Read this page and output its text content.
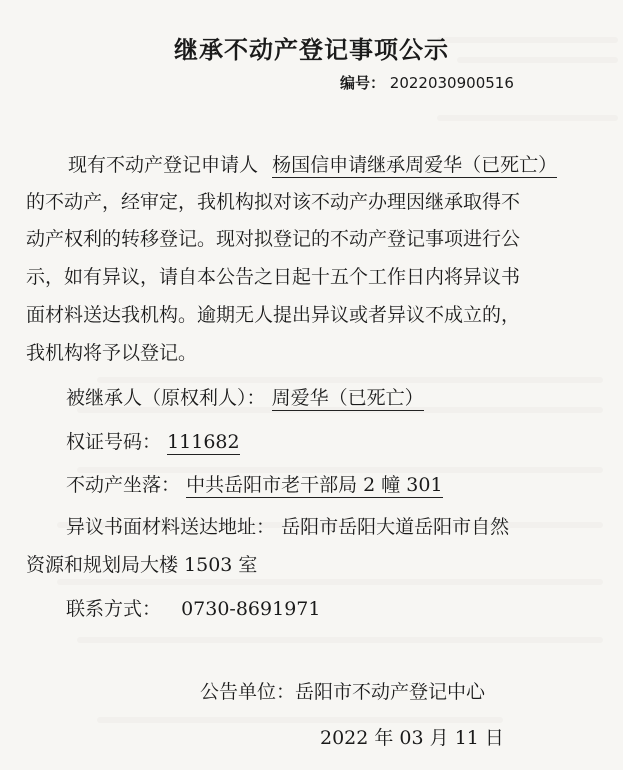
继承不动产登记事项公示
编号： 2022030900516
现有不动产登记申请人 杨国信申请继承周爱华（已死亡）
的不动产，经审定，我机构拟对该不动产办理因继承取得不
动产权利的转移登记。现对拟登记的不动产登记事项进行公
示，如有异议，请自本公告之日起十五个工作日内将异议书
面材料送达我机构。逾期无人提出异议或者异议不成立的，
我机构将予以登记。
被继承人（原权利人）： 周爱华（已死亡）
权证号码： 111682
不动产坐落： 中共岳阳市老干部局 2 幢 301
异议书面材料送达地址： 岳阳市岳阳大道岳阳市自然
资源和规划局大楼 1503 室
联系方式： 0730-8691971
公告单位：岳阳市不动产登记中心
2022 年 03 月 11 日
